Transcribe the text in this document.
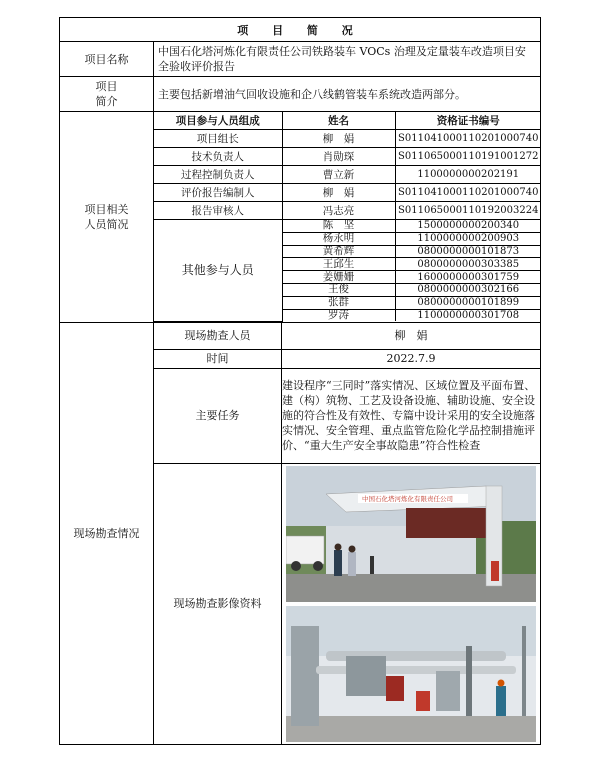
项 目 简 况
项目名称	中国石化塔河炼化有限责任公司铁路装车 VOCs 治理及定量装车改造项目安全验收评价报告

项目
简介
	主要包括新增油气回收设施和企八线鹤管装车系统改造两部分。

项目相关
人员简况

项目参与人员组成	姓名	资格证书编号
项目组长	柳　娟	S011041000110201000740
技术负责人	肖勋琛	S011065000110191001272
过程控制负责人	曹立新	1100000000202191
评价报告编制人	柳　娟	S011041000110201000740
报告审核人	冯志亮	S011065000110192003224
其他参与人员	陈　坚	1500000000200340
杨永明	1100000000200903
黄希辉	0800000000101873
王邱生	0800000000303385
姜姗姗	1600000000301759
王俊	0800000000302166
张群	0800000000101899
罗涛	1100000000301708

现场勘查情况	现场勘查人员	柳　娟
时间	2022.7.9
主要任务	建设程序“三同时”落实情况、区域位置及平面布置、建（构）筑物、工艺及设备设施、辅助设施、安全设施的符合性及有效性、专篇中设计采用的安全设施落实情况、安全管理、重点监管危险化学品控制措施评价、“重大生产安全事故隐患”符合性检查
现场勘查影像资料	
中国石化塔河炼化有限责任公司
